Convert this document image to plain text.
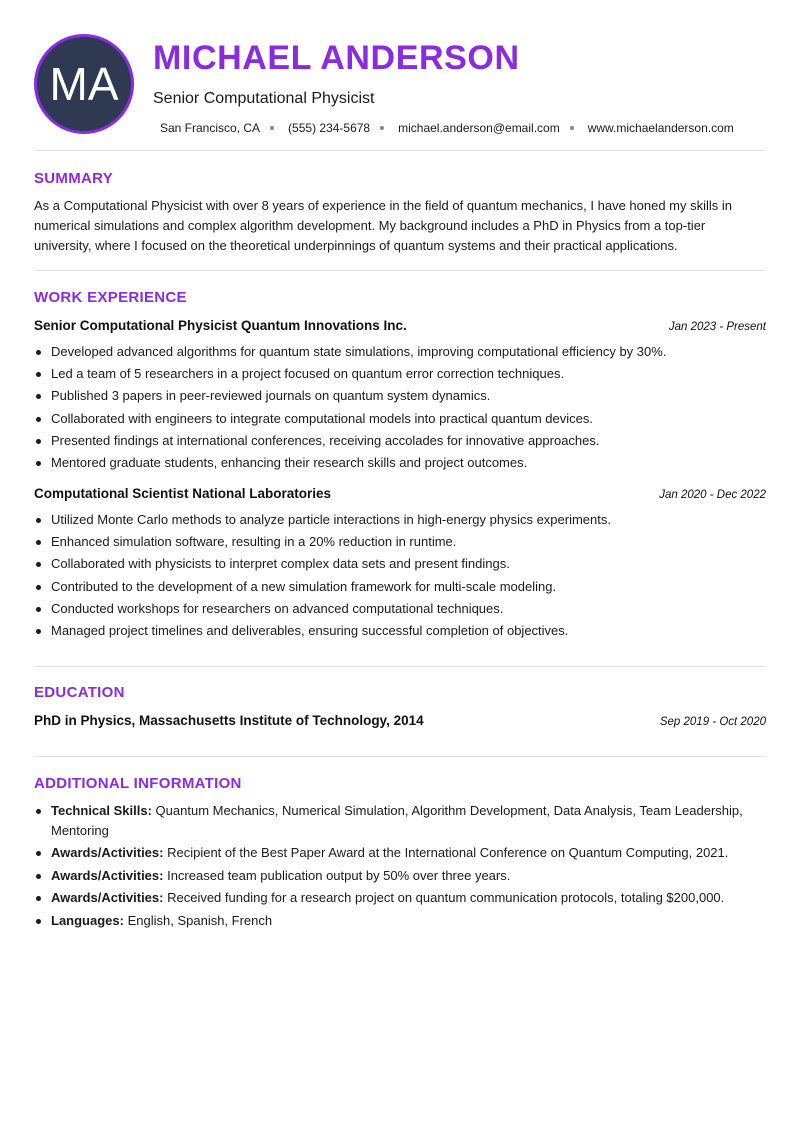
MA MICHAEL ANDERSON
Senior Computational Physicist
San Francisco, CA (555) 234-5678 michael.anderson@email.com www.michaelanderson.com
SUMMARY
As a Computational Physicist with over 8 years of experience in the field of quantum mechanics, I have honed my skills in numerical simulations and complex algorithm development. My background includes a PhD in Physics from a top-tier university, where I focused on the theoretical underpinnings of quantum systems and their practical applications.
WORK EXPERIENCE
Senior Computational Physicist Quantum Innovations Inc.	Jan 2023 - Present
Developed advanced algorithms for quantum state simulations, improving computational efficiency by 30%.
Led a team of 5 researchers in a project focused on quantum error correction techniques.
Published 3 papers in peer-reviewed journals on quantum system dynamics.
Collaborated with engineers to integrate computational models into practical quantum devices.
Presented findings at international conferences, receiving accolades for innovative approaches.
Mentored graduate students, enhancing their research skills and project outcomes.
Computational Scientist National Laboratories	Jan 2020 - Dec 2022
Utilized Monte Carlo methods to analyze particle interactions in high-energy physics experiments.
Enhanced simulation software, resulting in a 20% reduction in runtime.
Collaborated with physicists to interpret complex data sets and present findings.
Contributed to the development of a new simulation framework for multi-scale modeling.
Conducted workshops for researchers on advanced computational techniques.
Managed project timelines and deliverables, ensuring successful completion of objectives.
EDUCATION
PhD in Physics, Massachusetts Institute of Technology, 2014	Sep 2019 - Oct 2020
ADDITIONAL INFORMATION
Technical Skills: Quantum Mechanics, Numerical Simulation, Algorithm Development, Data Analysis, Team Leadership, Mentoring
Awards/Activities: Recipient of the Best Paper Award at the International Conference on Quantum Computing, 2021.
Awards/Activities: Increased team publication output by 50% over three years.
Awards/Activities: Received funding for a research project on quantum communication protocols, totaling $200,000.
Languages: English, Spanish, French
